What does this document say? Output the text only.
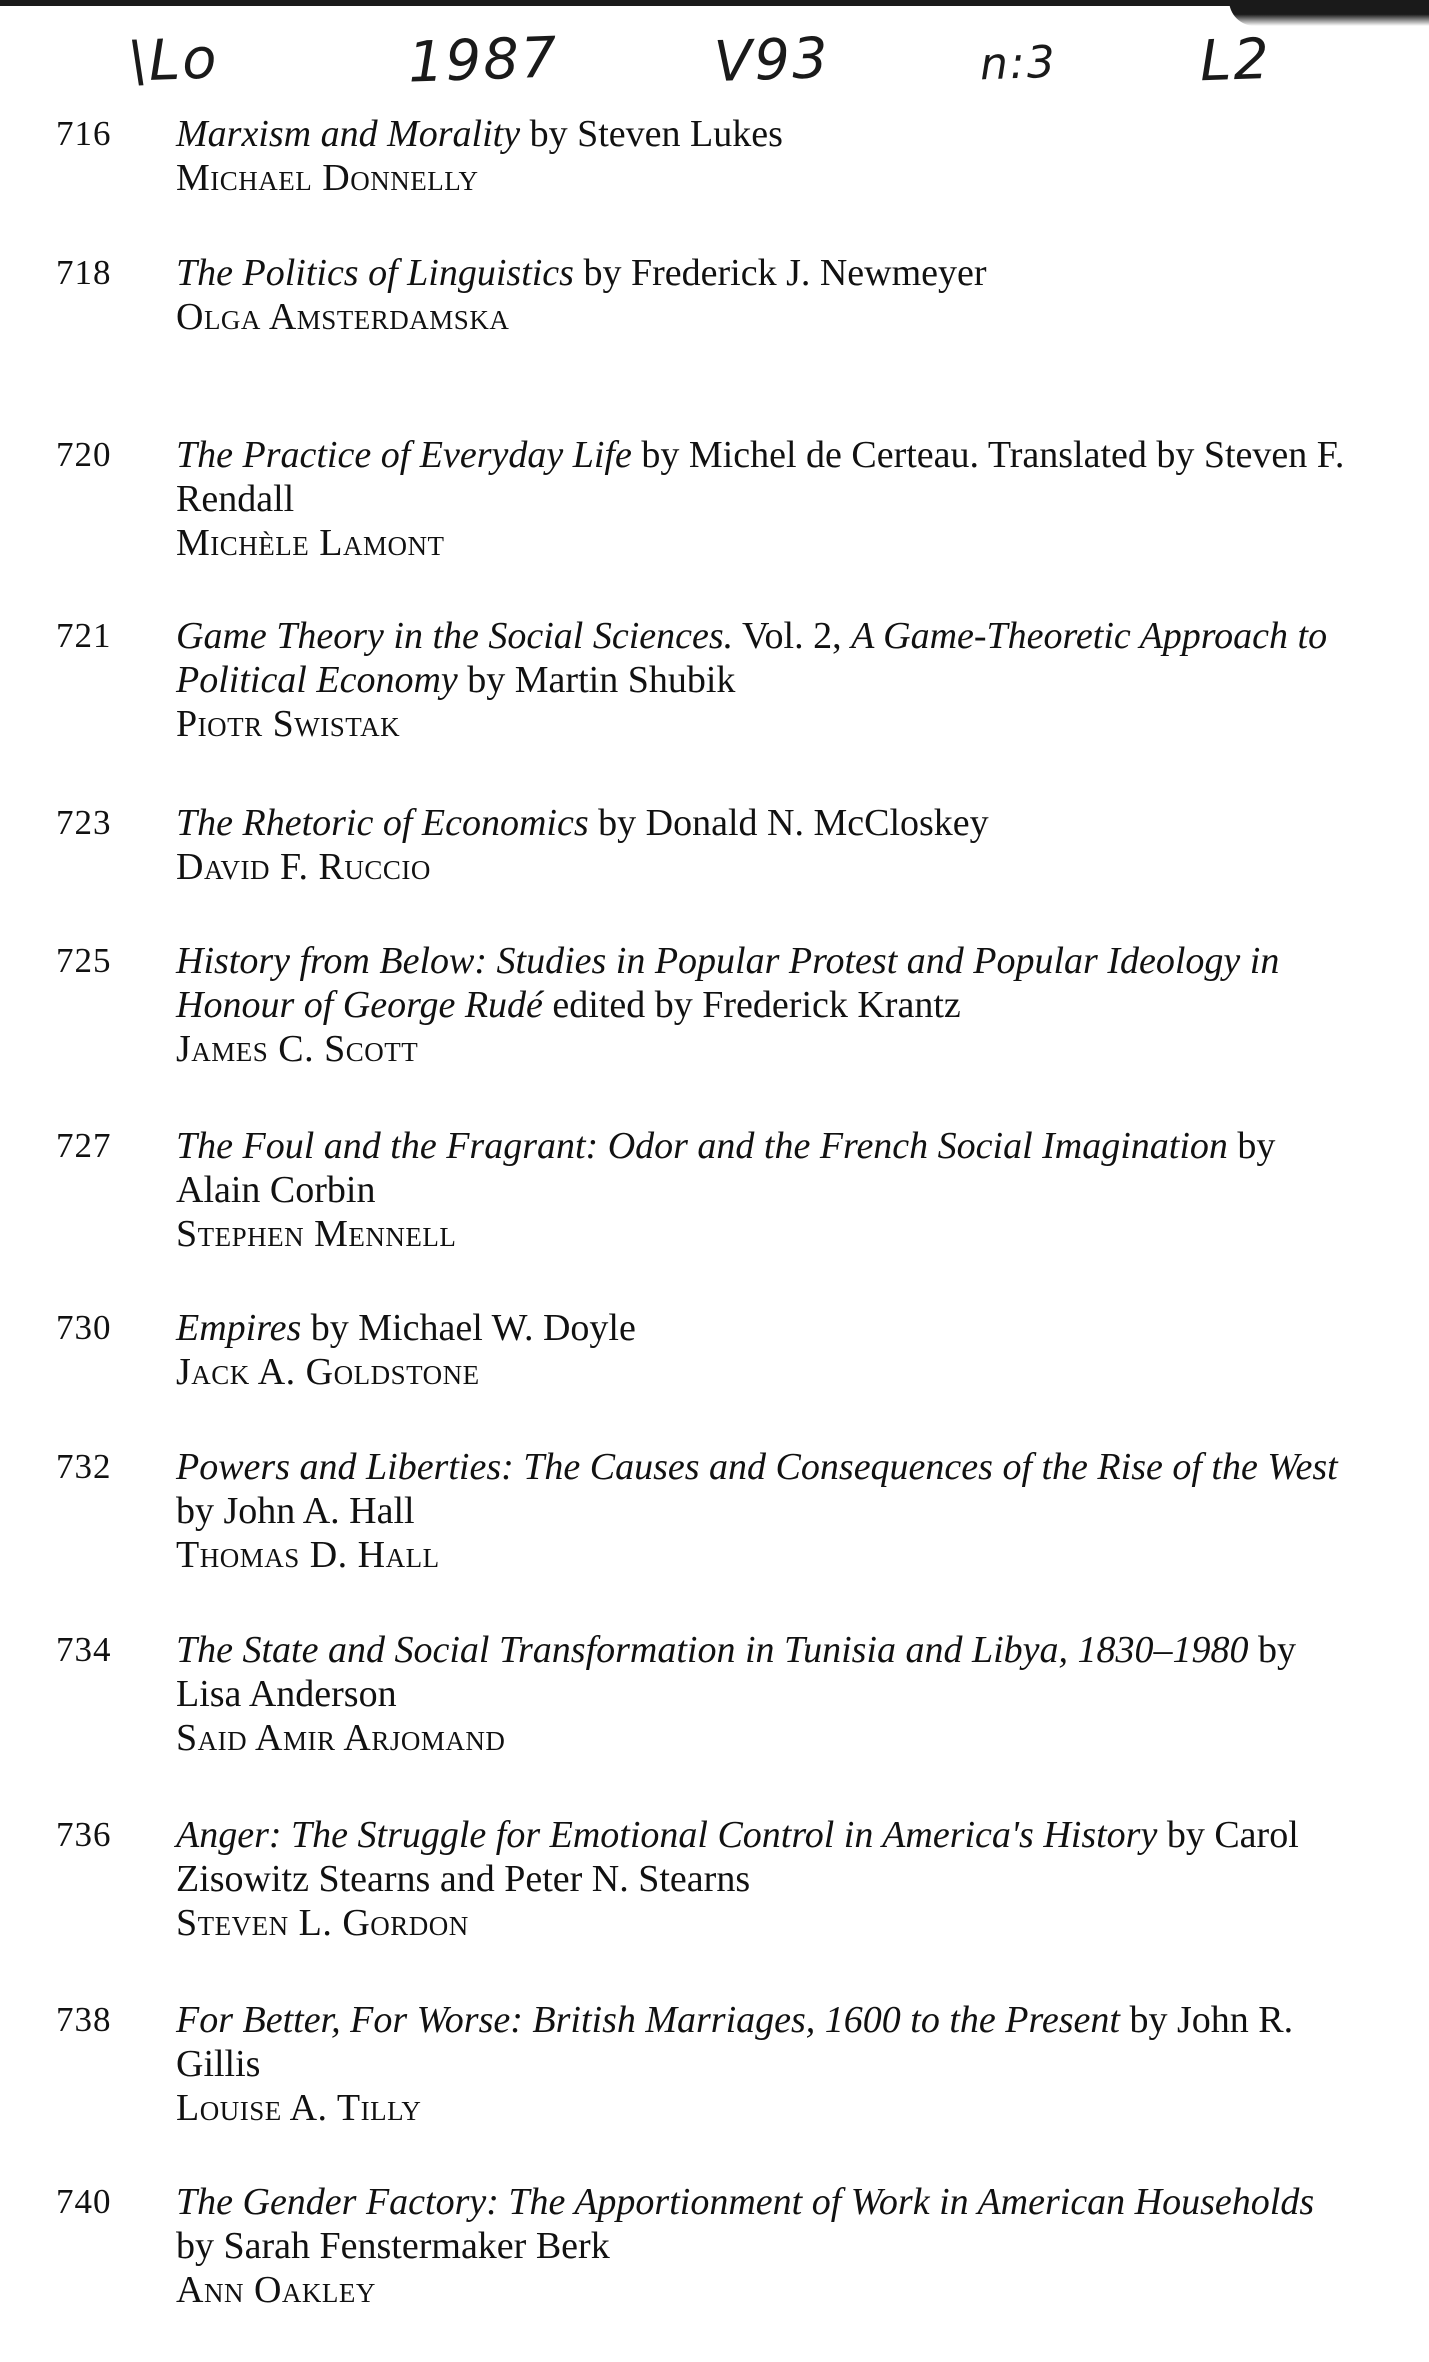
\Lo	1987	V93	n:3	L2
716	Marxism and Morality by Steven Lukes
Michael Donnelly
718	The Politics of Linguistics by Frederick J. Newmeyer
Olga Amsterdamska
720	The Practice of Everyday Life by Michel de Certeau. Translated by Steven F. Rendall
Michèle Lamont
721	Game Theory in the Social Sciences. Vol. 2, A Game-Theoretic Approach to Political Economy by Martin Shubik
Piotr Swistak
723	The Rhetoric of Economics by Donald N. McCloskey
David F. Ruccio
725	History from Below: Studies in Popular Protest and Popular Ideology in Honour of George Rudé edited by Frederick Krantz
James C. Scott
727	The Foul and the Fragrant: Odor and the French Social Imagination by Alain Corbin
Stephen Mennell
730	Empires by Michael W. Doyle
Jack A. Goldstone
732	Powers and Liberties: The Causes and Consequences of the Rise of the West by John A. Hall
Thomas D. Hall
734	The State and Social Transformation in Tunisia and Libya, 1830–1980 by Lisa Anderson
Said Amir Arjomand
736	Anger: The Struggle for Emotional Control in America's History by Carol Zisowitz Stearns and Peter N. Stearns
Steven L. Gordon
738	For Better, For Worse: British Marriages, 1600 to the Present by John R. Gillis
Louise A. Tilly
740	The Gender Factory: The Apportionment of Work in American Households by Sarah Fenstermaker Berk
Ann Oakley
